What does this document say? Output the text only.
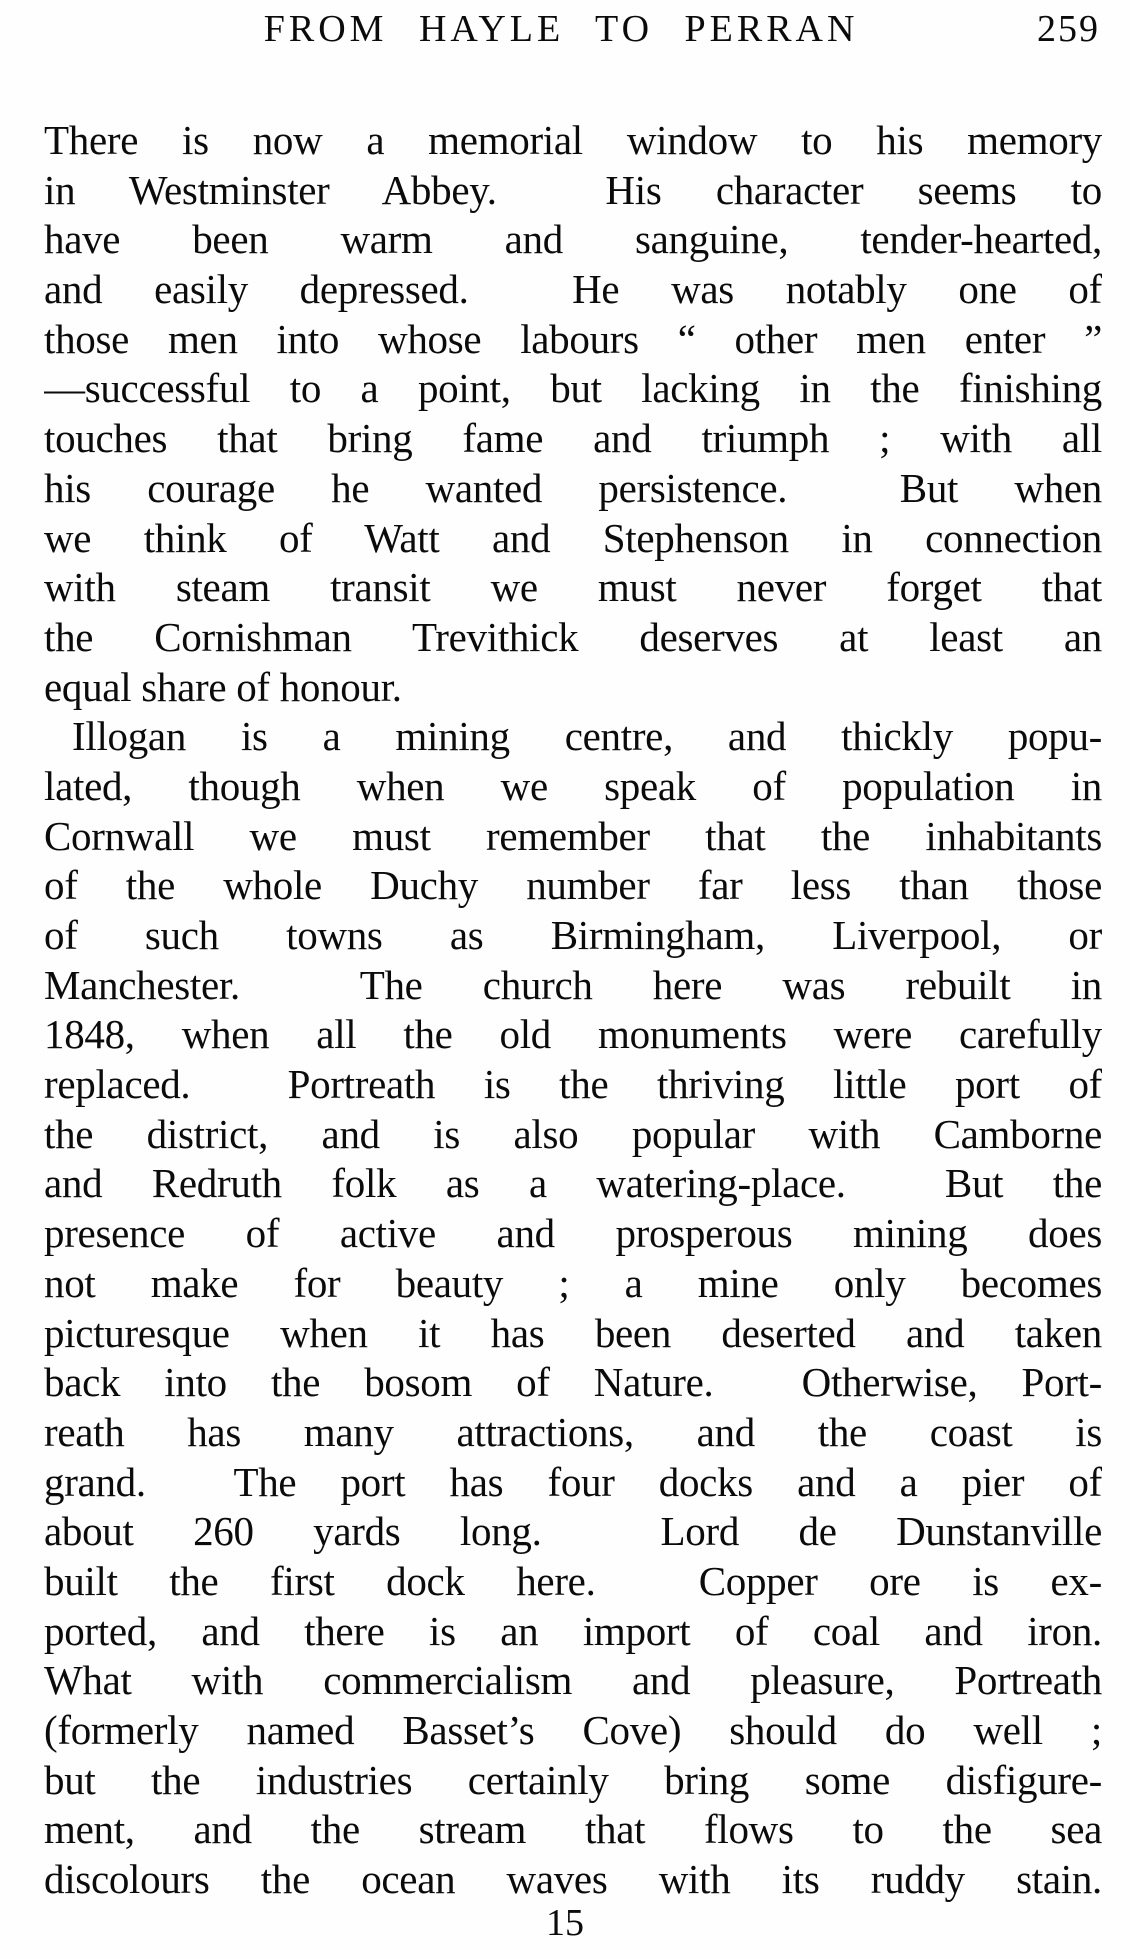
FROM HAYLE TO PERRAN	259
There is now a memorial window to his memory
in Westminster Abbey.  His character seems to
have been warm and sanguine, tender-hearted,
and easily depressed.  He was notably one of
those men into whose labours “ other men enter ”
—successful to a point, but lacking in the finishing
touches that bring fame and triumph ; with all
his courage he wanted persistence.  But when
we think of Watt and Stephenson in connection
with steam transit we must never forget that
the Cornishman Trevithick deserves at least an
equal share of honour.
Illogan is a mining centre, and thickly popu-
lated, though when we speak of population in
Cornwall we must remember that the inhabitants
of the whole Duchy number far less than those
of such towns as Birmingham, Liverpool, or
Manchester.  The church here was rebuilt in
1848, when all the old monuments were carefully
replaced.  Portreath is the thriving little port of
the district, and is also popular with Camborne
and Redruth folk as a watering-place.  But the
presence of active and prosperous mining does
not make for beauty ; a mine only becomes
picturesque when it has been deserted and taken
back into the bosom of Nature.  Otherwise, Port-
reath has many attractions, and the coast is
grand.  The port has four docks and a pier of
about 260 yards long.  Lord de Dunstanville
built the first dock here.  Copper ore is ex-
ported, and there is an import of coal and iron.
What with commercialism and pleasure, Portreath
(formerly named Basset’s Cove) should do well ;
but the industries certainly bring some disfigure-
ment, and the stream that flows to the sea
discolours the ocean waves with its ruddy stain.
15
